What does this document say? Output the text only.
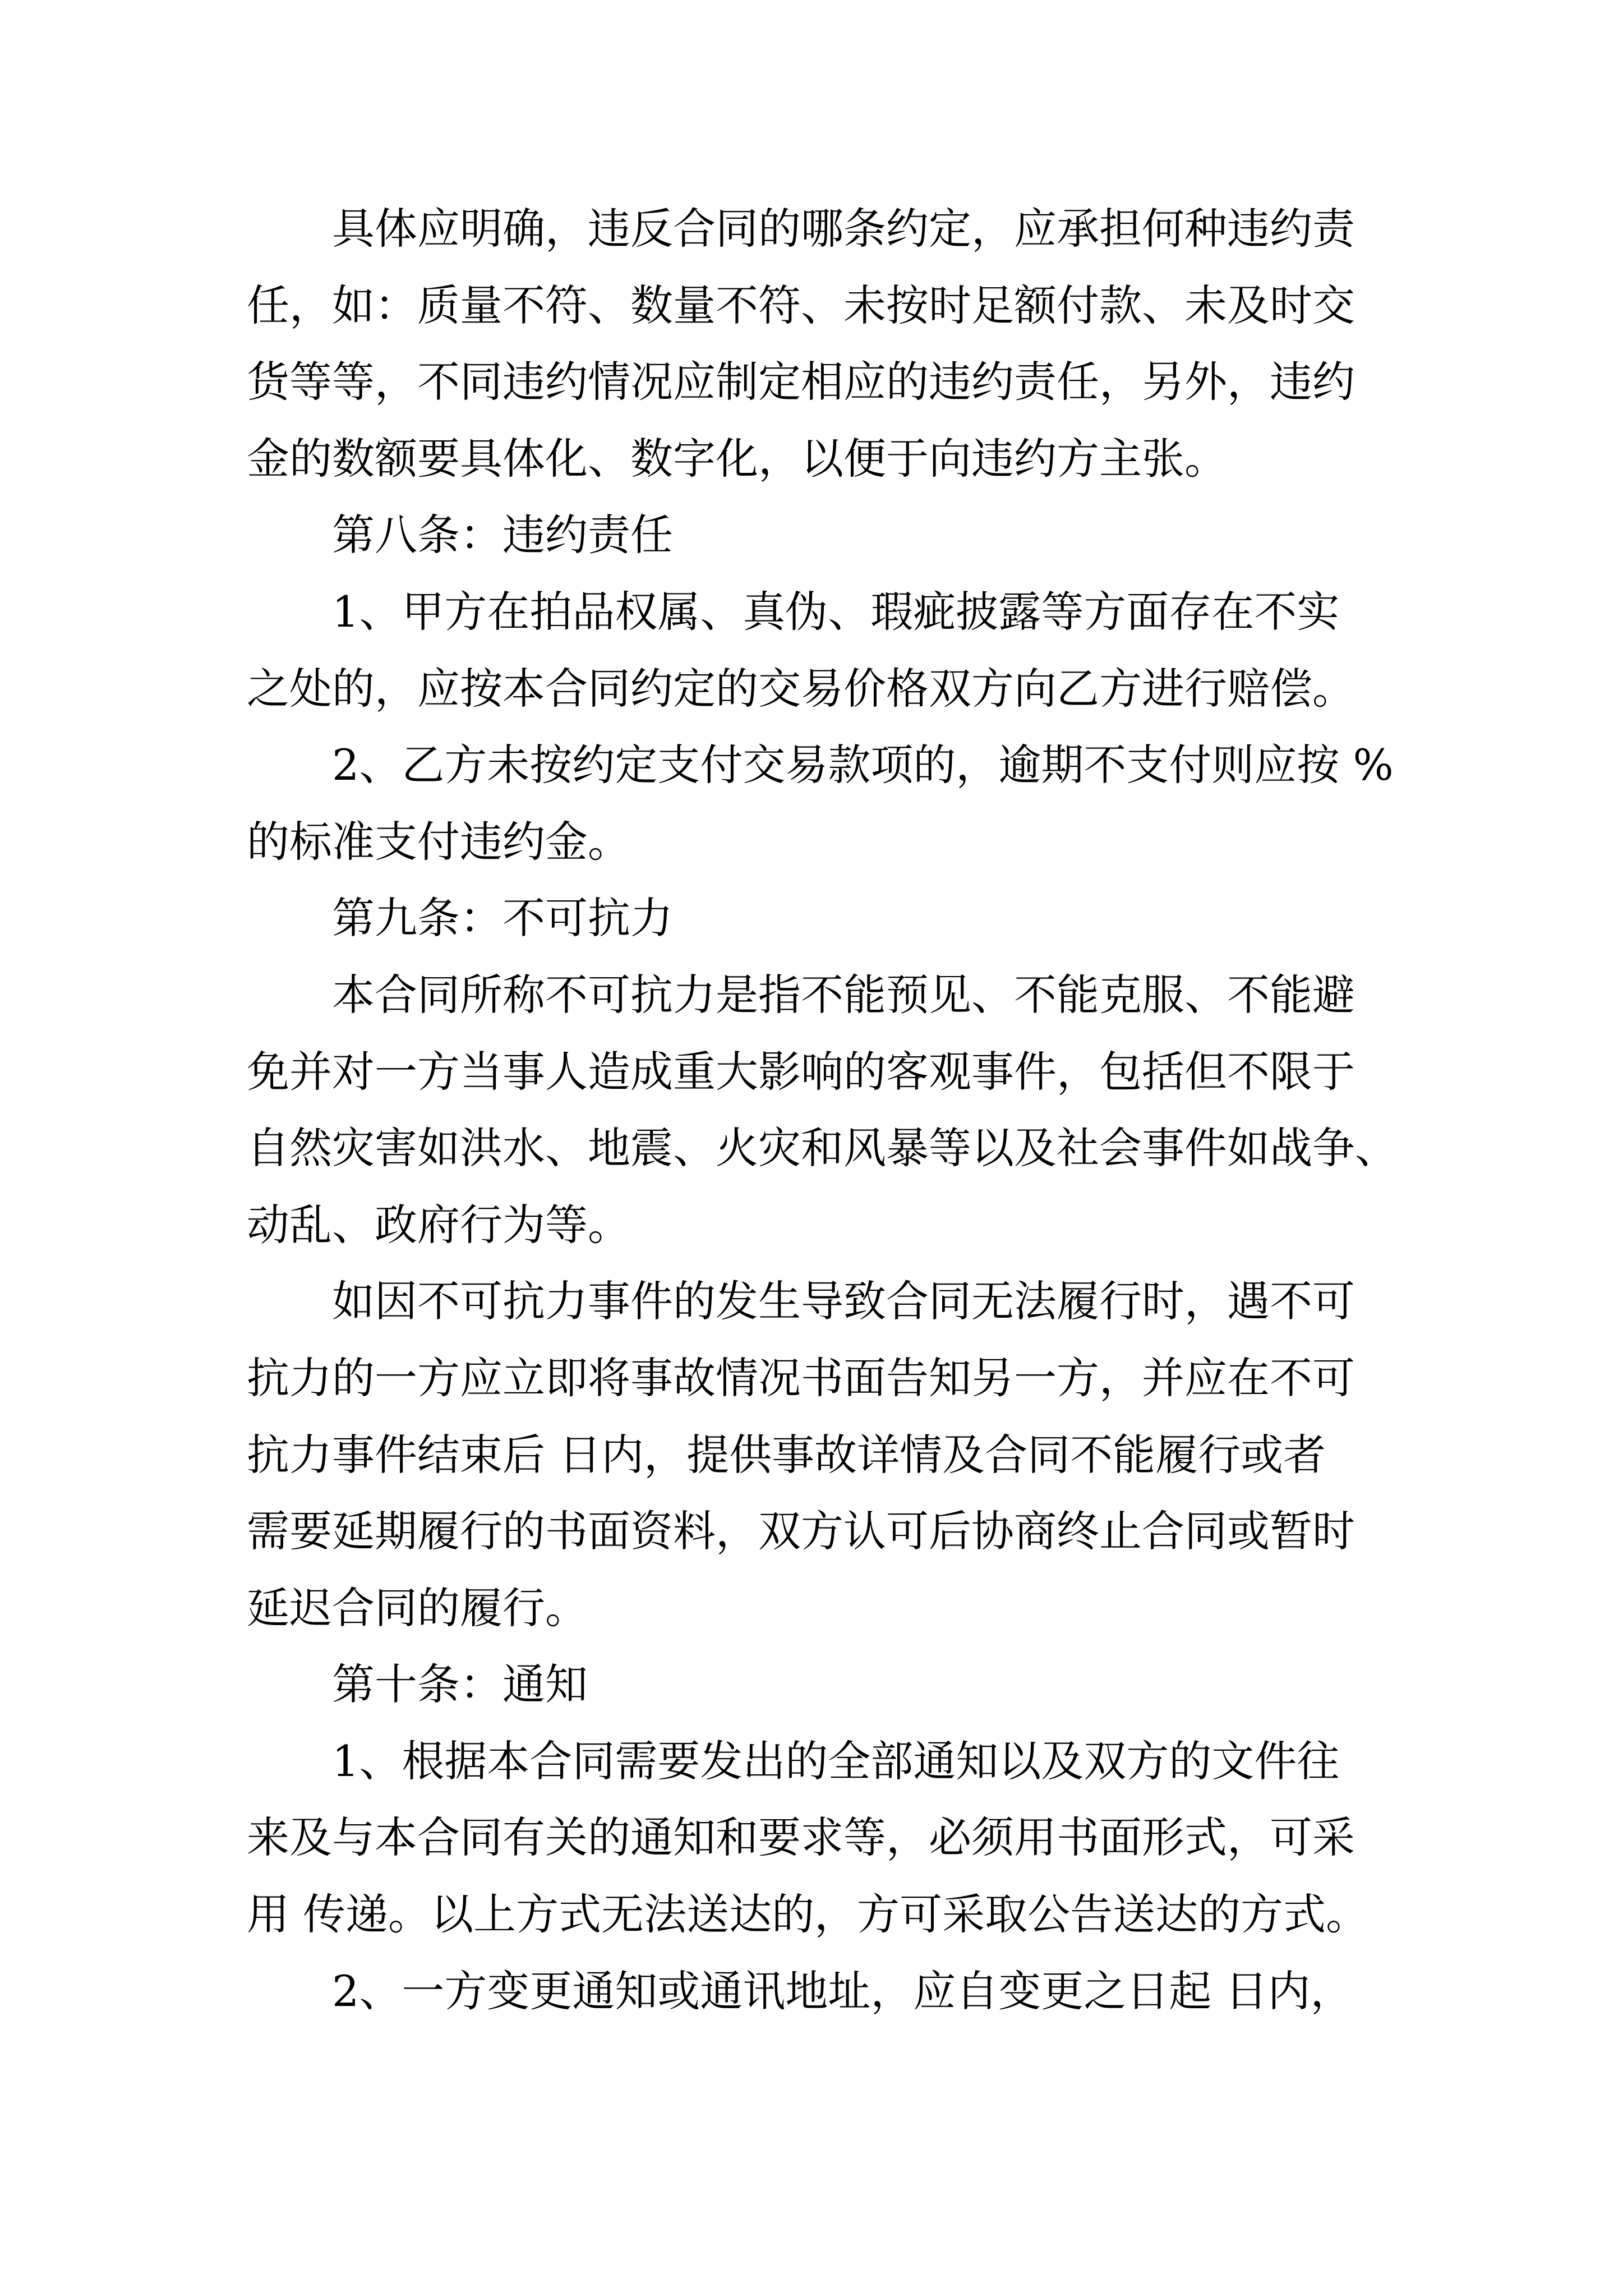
具体应明确，违反合同的哪条约定，应承担何种违约责
任，如：质量不符、数量不符、未按时足额付款、未及时交
货等等，不同违约情况应制定相应的违约责任，另外，违约
金的数额要具体化、数字化，以便于向违约方主张。
第八条：违约责任
1、甲方在拍品权属、真伪、瑕疵披露等方面存在不实
之处的，应按本合同约定的交易价格双方向乙方进行赔偿。
2、乙方未按约定支付交易款项的，逾期不支付则应按 %
的标准支付违约金。
第九条：不可抗力
本合同所称不可抗力是指不能预见、不能克服、不能避
免并对一方当事人造成重大影响的客观事件，包括但不限于
自然灾害如洪水、地震、火灾和风暴等以及社会事件如战争、
动乱、政府行为等。
如因不可抗力事件的发生导致合同无法履行时，遇不可
抗力的一方应立即将事故情况书面告知另一方，并应在不可
抗力事件结束后 日内，提供事故详情及合同不能履行或者
需要延期履行的书面资料，双方认可后协商终止合同或暂时
延迟合同的履行。
第十条：通知
1、根据本合同需要发出的全部通知以及双方的文件往
来及与本合同有关的通知和要求等，必须用书面形式，可采
用 传递。以上方式无法送达的，方可采取公告送达的方式。
2、一方变更通知或通讯地址，应自变更之日起 日内，
